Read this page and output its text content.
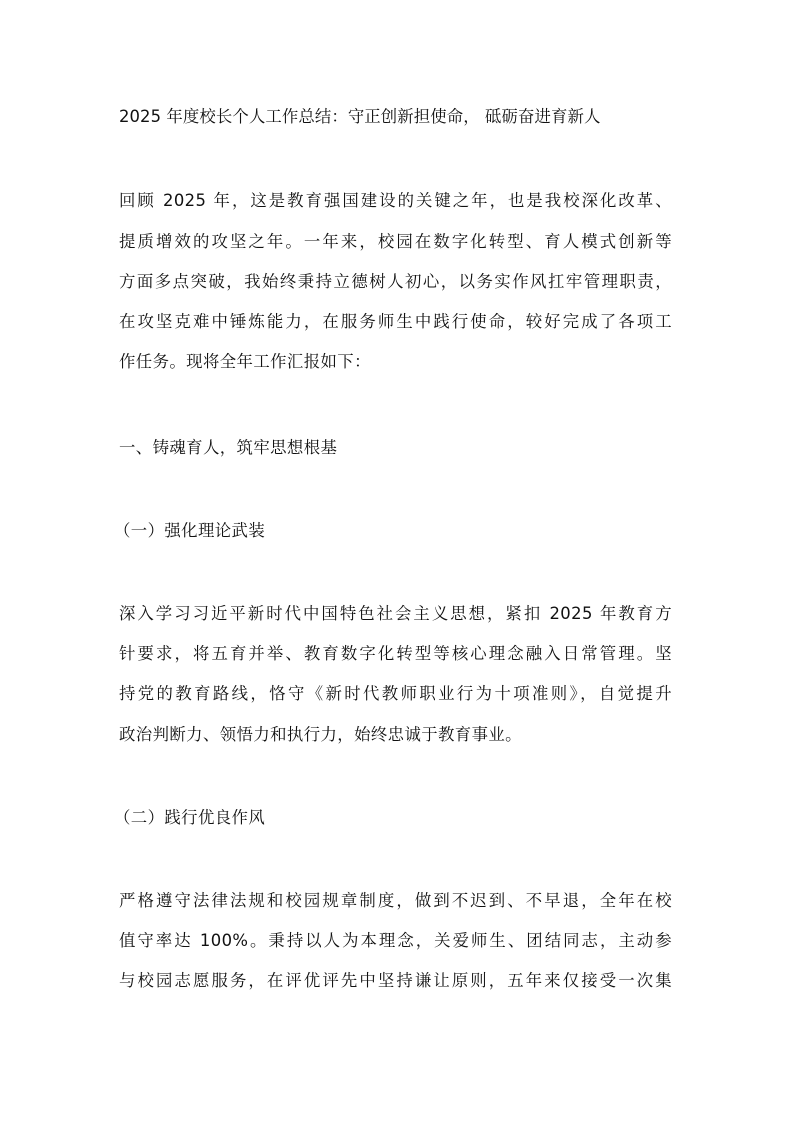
2025 年度校长个人工作总结：守正创新担使命， 砥砺奋进育新人
回顾 2025 年，这是教育强国建设的关键之年，也是我校深化改革、
提质增效的攻坚之年。一年来，校园在数字化转型、育人模式创新等
方面多点突破，我始终秉持立德树人初心，以务实作风扛牢管理职责，
在攻坚克难中锤炼能力，在服务师生中践行使命，较好完成了各项工
作任务。现将全年工作汇报如下：
一、铸魂育人，筑牢思想根基
（一）强化理论武装
深入学习习近平新时代中国特色社会主义思想，紧扣 2025 年教育方
针要求，将五育并举、教育数字化转型等核心理念融入日常管理。坚
持党的教育路线，恪守《新时代教师职业行为十项准则》，自觉提升
政治判断力、领悟力和执行力，始终忠诚于教育事业。
（二）践行优良作风
严格遵守法律法规和校园规章制度，做到不迟到、不早退，全年在校
值守率达 100%。秉持以人为本理念，关爱师生、团结同志，主动参
与校园志愿服务，在评优评先中坚持谦让原则，五年来仅接受一次集
